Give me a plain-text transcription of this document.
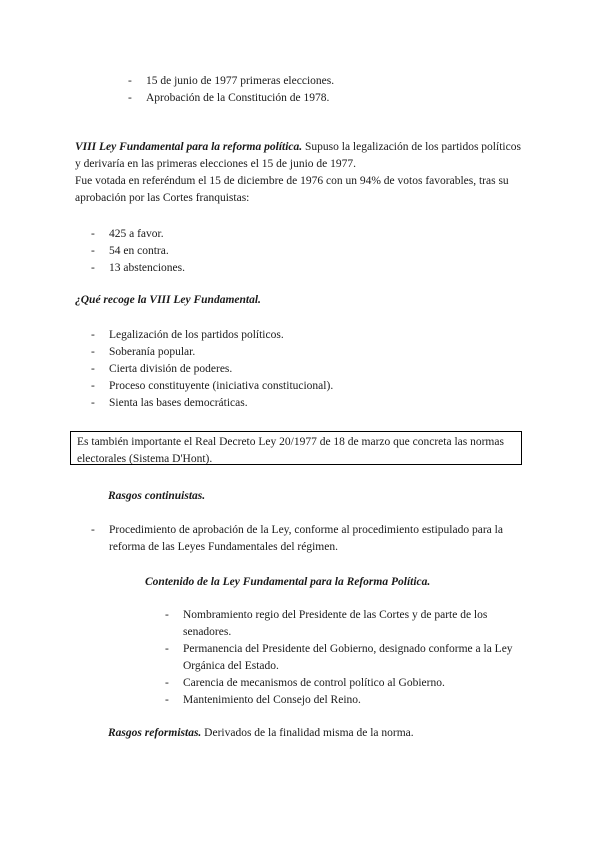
- 15 de junio de 1977 primeras elecciones.
- Aprobación de la Constitución de 1978.

VIII Ley Fundamental para la reforma política. Supuso la legalización de los partidos políticos y derivaría en las primeras elecciones el 15 de junio de 1977.
Fue votada en referéndum el 15 de diciembre de 1976 con un 94% de votos favorables, tras su aprobación por las Cortes franquistas:

- 425 a favor.
- 54 en contra.
- 13 abstenciones.

¿Qué recoge la VIII Ley Fundamental.

- Legalización de los partidos políticos.
- Soberanía popular.
- Cierta división de poderes.
- Proceso constituyente (iniciativa constitucional).
- Sienta las bases democráticas.
Es también importante el Real Decreto Ley 20/1977 de 18 de marzo que concreta las normas electorales (Sistema D'Hont).

Rasgos continuistas.

- Procedimiento de aprobación de la Ley, conforme al procedimiento estipulado para la reforma de las Leyes Fundamentales del régimen.

Contenido de la Ley Fundamental para la Reforma Política.

- Nombramiento regio del Presidente de las Cortes y de parte de los senadores.
- Permanencia del Presidente del Gobierno, designado conforme a la Ley Orgánica del Estado.
- Carencia de mecanismos de control político al Gobierno.
- Mantenimiento del Consejo del Reino.

Rasgos reformistas. Derivados de la finalidad misma de la norma.
